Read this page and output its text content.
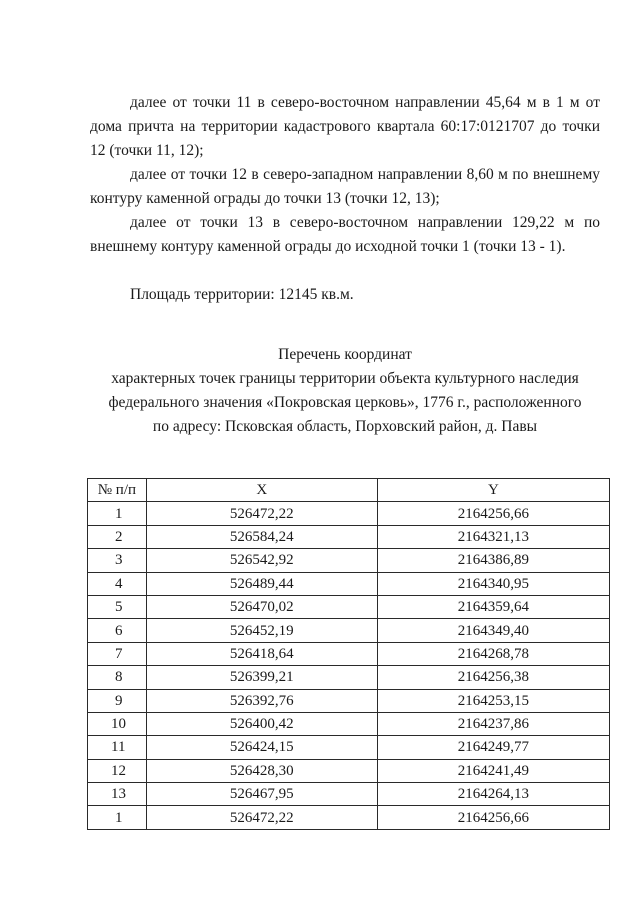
далее от точки 11 в северо-восточном направлении 45,64 м в 1 м от дома причта на территории кадастрового квартала 60:17:0121707 до точки 12 (точки 11, 12);

далее от точки 12 в северо-западном направлении 8,60 м по внешнему контуру каменной ограды до точки 13 (точки 12, 13);

далее от точки 13 в северо-восточном направлении 129,22 м по внешнему контуру каменной ограды до исходной точки 1 (точки 13 - 1).

Площадь территории: 12145 кв.м.

Перечень координат
характерных точек границы территории объекта культурного наследия
федерального значения «Покровская церковь», 1776 г., расположенного
по адресу: Псковская область, Порховский район, д. Павы
№ п/п	X	Y
1	526472,22	2164256,66
2	526584,24	2164321,13
3	526542,92	2164386,89
4	526489,44	2164340,95
5	526470,02	2164359,64
6	526452,19	2164349,40
7	526418,64	2164268,78
8	526399,21	2164256,38
9	526392,76	2164253,15
10	526400,42	2164237,86
11	526424,15	2164249,77
12	526428,30	2164241,49
13	526467,95	2164264,13
1	526472,22	2164256,66
